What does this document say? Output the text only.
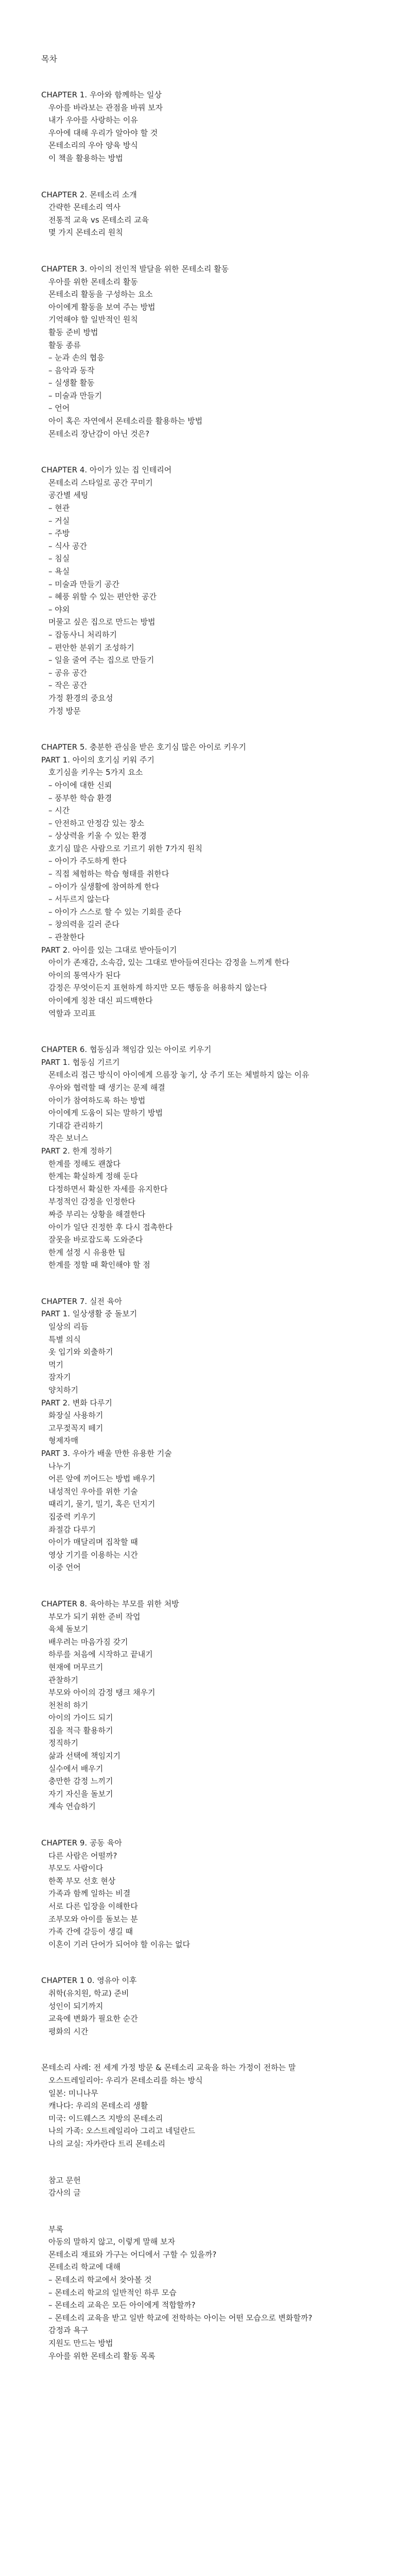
목차
CHAPTER 1. 우아와 함께하는 일상
우아를 바라보는 관점을 바꿔 보자
내가 우아를 사랑하는 이유
우아에 대해 우리가 알아야 할 것
몬테소리의 우아 양육 방식
이 책을 활용하는 방법
CHAPTER 2. 몬테소리 소개
간략한 몬테소리 역사
전통적 교육 vs 몬테소리 교육
몇 가지 몬테소리 원칙
CHAPTER 3. 아이의 전인적 발달을 위한 몬테소리 활동
우아를 위한 몬테소리 활동
몬테소리 활동을 구성하는 요소
아이에게 활동을 보여 주는 방법
기억해야 할 일반적인 원칙
활동 준비 방법
활동 종류
– 눈과 손의 협응
– 음악과 동작
– 실생활 활동
– 미술과 만들기
– 언어
아이 혹은 자연에서 몬테소리를 활용하는 방법
몬테소리 장난감이 아닌 것은?
CHAPTER 4. 아이가 있는 집 인테리어
몬테소리 스타일로 공간 꾸미기
공간별 세팅
– 현관
– 거실
– 주방
– 식사 공간
– 침실
– 욕실
– 미술과 만들기 공간
– 혜풍 위할 수 있는 편안한 공간
– 야외
머물고 싶은 집으로 만드는 방법
– 잡동사니 처리하기
– 편안한 분위기 조성하기
– 일을 줄여 주는 집으로 만들기
– 공유 공간
– 작은 공간
가정 환경의 중요성
가정 방문
CHAPTER 5. 충분한 관심을 받은 호기심 많은 아이로 키우기
PART 1. 아이의 호기심 키워 주기
호기심을 키우는 5가지 요소
– 아이에 대한 신뢰
– 풍부한 학습 환경
– 시간
– 안전하고 안정감 있는 장소
– 상상력을 키울 수 있는 환경
호기심 많은 사람으로 기르기 위한 7가지 원칙
– 아이가 주도하게 한다
– 직접 체험하는 학습 형태를 취한다
– 아이가 실생활에 참여하게 한다
– 서두르지 않는다
– 아이가 스스로 할 수 있는 기회를 준다
– 창의력을 길러 준다
– 관찰한다
PART 2. 아이를 있는 그대로 받아들이기
아이가 존재감, 소속감, 있는 그대로 받아들여진다는 감정을 느끼게 한다
아이의 통역사가 된다
감정은 무엇이든지 표현하게 하지만 모든 행동을 허용하지 않는다
아이에게 칭찬 대신 피드백한다
역할과 꼬리표
CHAPTER 6. 협동심과 책임감 있는 아이로 키우기
PART 1. 협동심 기르기
몬테소리 접근 방식이 아이에게 으름장 놓기, 상 주기 또는 체벌하지 않는 이유
우아와 협력할 때 생기는 문제 해결
아이가 참여하도록 하는 방법
아이에게 도움이 되는 말하기 방법
기대감 관리하기
작은 보너스
PART 2. 한계 정하기
한계를 정해도 괜찮다
한계는 확실하게 정해 둔다
다정하면서 확실한 자세를 유지한다
부정적인 감정을 인정한다
짜증 부리는 상황을 해결한다
아이가 일단 진정한 후 다시 접촉한다
잘못을 바로잡도록 도와준다
한계 설정 시 유용한 팁
한계를 정할 때 확인해야 할 점
CHAPTER 7. 실전 육아
PART 1. 일상생활 중 돌보기
일상의 리듬
특별 의식
옷 입기와 외출하기
먹기
잠자기
양치하기
PART 2. 변화 다루기
화장실 사용하기
고무젖꼭지 떼기
형제자매
PART 3. 우아가 배울 만한 유용한 기술
나누기
어른 앞에 끼어드는 방법 배우기
내성적인 우아를 위한 기술
때리기, 물기, 밀기, 혹은 던지기
집중력 키우기
좌절감 다루기
아이가 매달리며 집착할 때
영상 기기를 이용하는 시간
이중 언어
CHAPTER 8. 육아하는 부모를 위한 처방
부모가 되기 위한 준비 작업
육체 돌보기
배우려는 마음가짐 갖기
하루를 처음에 시작하고 끝내기
현재에 머무르기
관찰하기
부모와 아이의 감정 탱크 채우기
천천히 하기
아이의 가이드 되기
집을 적극 활용하기
정직하기
삶과 선택에 책임지기
실수에서 배우기
충만한 감정 느끼기
자기 자신을 돌보기
계속 연습하기
CHAPTER 9. 공동 육아
다른 사람은 어떨까?
부모도 사람이다
한쪽 부모 선호 현상
가족과 함께 일하는 비결
서로 다른 입장을 이해한다
조부모와 아이를 돌보는 분
가족 간에 갈등이 생길 때
이혼이 기러 단어가 되어야 할 이유는 없다
CHAPTER 1 0. 영유아 이후
취학(유치원, 학교) 준비
성인이 되기까지
교육에 변화가 필요한 순간
평화의 시간
몬테소리 사례: 전 세계 가정 방문 & 몬테소리 교육을 하는 가정이 전하는 말
오스트레일리아: 우리가 몬테소리를 하는 방식
일본: 미니나무
캐나다: 우리의 몬테소리 생활
미국: 이드웨스즈 지방의 몬테소리
나의 가족: 오스트레일리아 그리고 네덜란드
나의 교실: 자카란다 트리 몬테소리
참고 문헌
감사의 글
부록
아동의 말하지 않고, 이렇게 말해 보자
몬테소리 재료와 가구는 어디에서 구할 수 있을까?
몬테소리 학교에 대해
– 몬테소리 학교에서 찾아볼 것
– 몬테소리 학교의 일반적인 하루 모습
– 몬테소리 교육은 모든 아이에게 적합할까?
– 몬테소리 교육을 받고 일반 학교에 전학하는 아이는 어떤 모습으로 변화할까?
감정과 욕구
지원도 만드는 방법
우아를 위한 몬테소리 활동 목록
